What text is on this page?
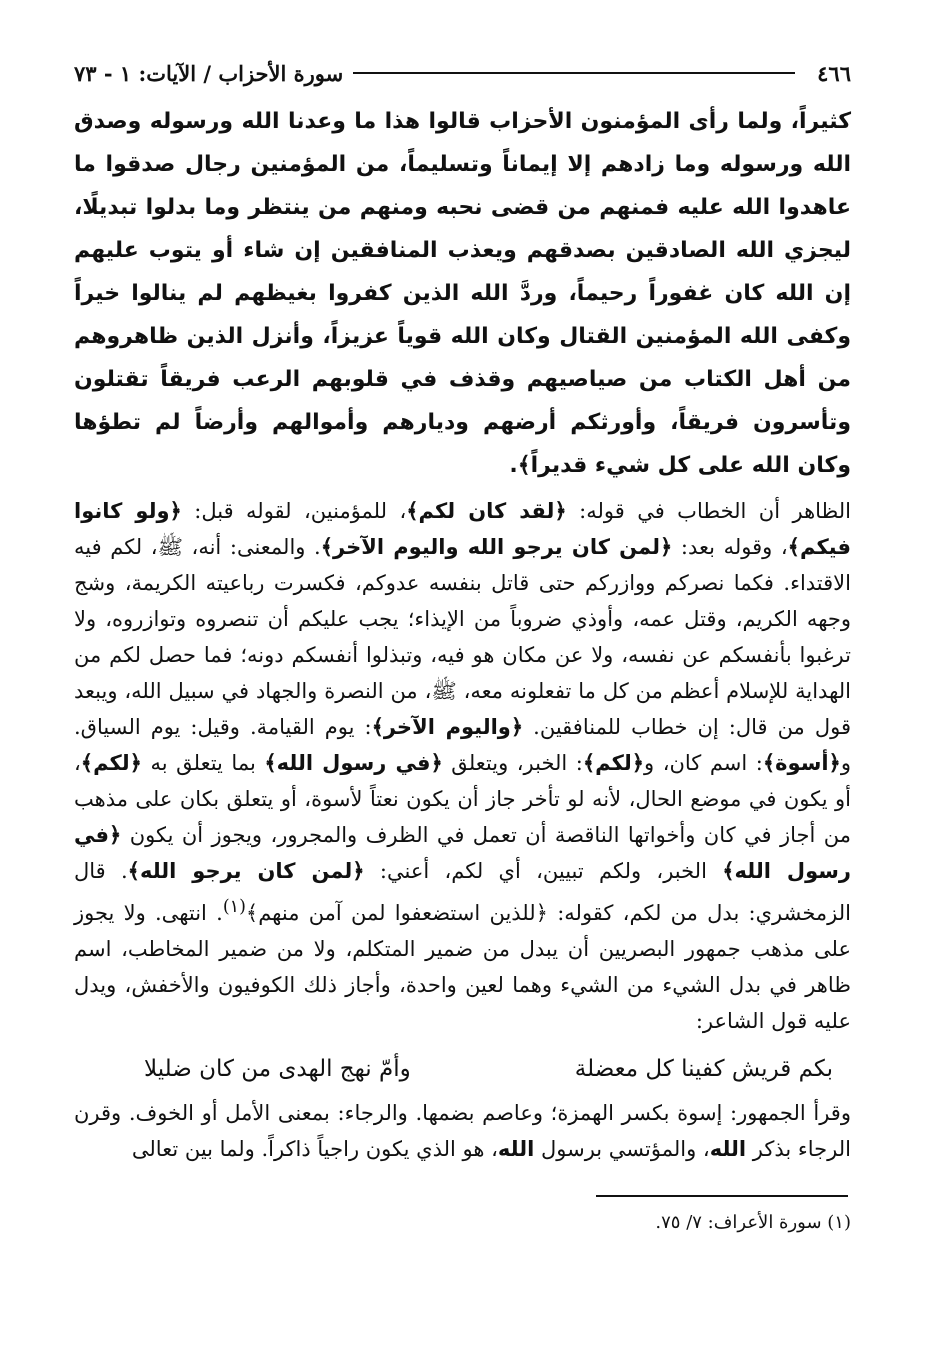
٤٦٦
سورة الأحزاب / الآيات: ١ - ٧٣

كثيراً، ولما رأى المؤمنون الأحزاب قالوا هذا ما وعدنا الله ورسوله وصدق الله ورسوله وما زادهم إلا إيماناً وتسليماً، من المؤمنين رجال صدقوا ما عاهدوا الله عليه فمنهم من قضى نحبه ومنهم من ينتظر وما بدلوا تبديلًا، ليجزي الله الصادقين بصدقهم ويعذب المنافقين إن شاء أو يتوب عليهم إن الله كان غفوراً رحيماً، وردَّ الله الذين كفروا بغيظهم لم ينالوا خيراً وكفى الله المؤمنين القتال وكان الله قوياً عزيزاً، وأنزل الذين ظاهروهم من أهل الكتاب من صياصيهم وقذف في قلوبهم الرعب فريقاً تقتلون وتأسرون فريقاً، وأورثكم أرضهم وديارهم وأموالهم وأرضاً لم تطؤها وكان الله على كل شيء قديراً﴾.

الظاهر أن الخطاب في قوله: ﴿لقد كان لكم﴾، للمؤمنين، لقوله قبل: ﴿ولو كانوا فيكم﴾، وقوله بعد: ﴿لمن كان يرجو الله واليوم الآخر﴾. والمعنى: أنه، ﷺ، لكم فيه الاقتداء. فكما نصركم ووازركم حتى قاتل بنفسه عدوكم، فكسرت رباعيته الكريمة، وشج وجهه الكريم، وقتل عمه، وأوذي ضروباً من الإيذاء؛ يجب عليكم أن تنصروه وتوازروه، ولا ترغبوا بأنفسكم عن نفسه، ولا عن مكان هو فيه، وتبذلوا أنفسكم دونه؛ فما حصل لكم من الهداية للإسلام أعظم من كل ما تفعلونه معه، ﷺ، من النصرة والجهاد في سبيل الله، ويبعد قول من قال: إن خطاب للمنافقين. ﴿واليوم الآخر﴾: يوم القيامة. وقيل: يوم السياق. و﴿أسوة﴾: اسم كان، و﴿لكم﴾: الخبر، ويتعلق ﴿في رسول الله﴾ بما يتعلق به ﴿لكم﴾، أو يكون في موضع الحال، لأنه لو تأخر جاز أن يكون نعتاً لأسوة، أو يتعلق بكان على مذهب من أجاز في كان وأخواتها الناقصة أن تعمل في الظرف والمجرور، ويجوز أن يكون ﴿في رسول الله﴾ الخبر، ولكم تبيين، أي لكم، أعني: ﴿لمن كان يرجو الله﴾. قال الزمخشري: بدل من لكم، كقوله: ﴿للذين استضعفوا لمن آمن منهم﴾$^{(١)}$. انتهى. ولا يجوز على مذهب جمهور البصريين أن يبدل من ضمير المتكلم، ولا من ضمير المخاطب، اسم ظاهر في بدل الشيء من الشيء وهما لعين واحدة، وأجاز ذلك الكوفيون والأخفش، ويدل عليه قول الشاعر:

بكم قريش كفينا كل معضلة
وأمّ نهج الهدى من كان ضليلا

وقرأ الجمهور: إسوة بكسر الهمزة؛ وعاصم بضمها. والرجاء: بمعنى الأمل أو الخوف. وقرن الرجاء بذكر الله، والمؤتسي برسول الله، هو الذي يكون راجياً ذاكراً. ولما بين تعالى

(١) سورة الأعراف: ٧/ ٧٥.
